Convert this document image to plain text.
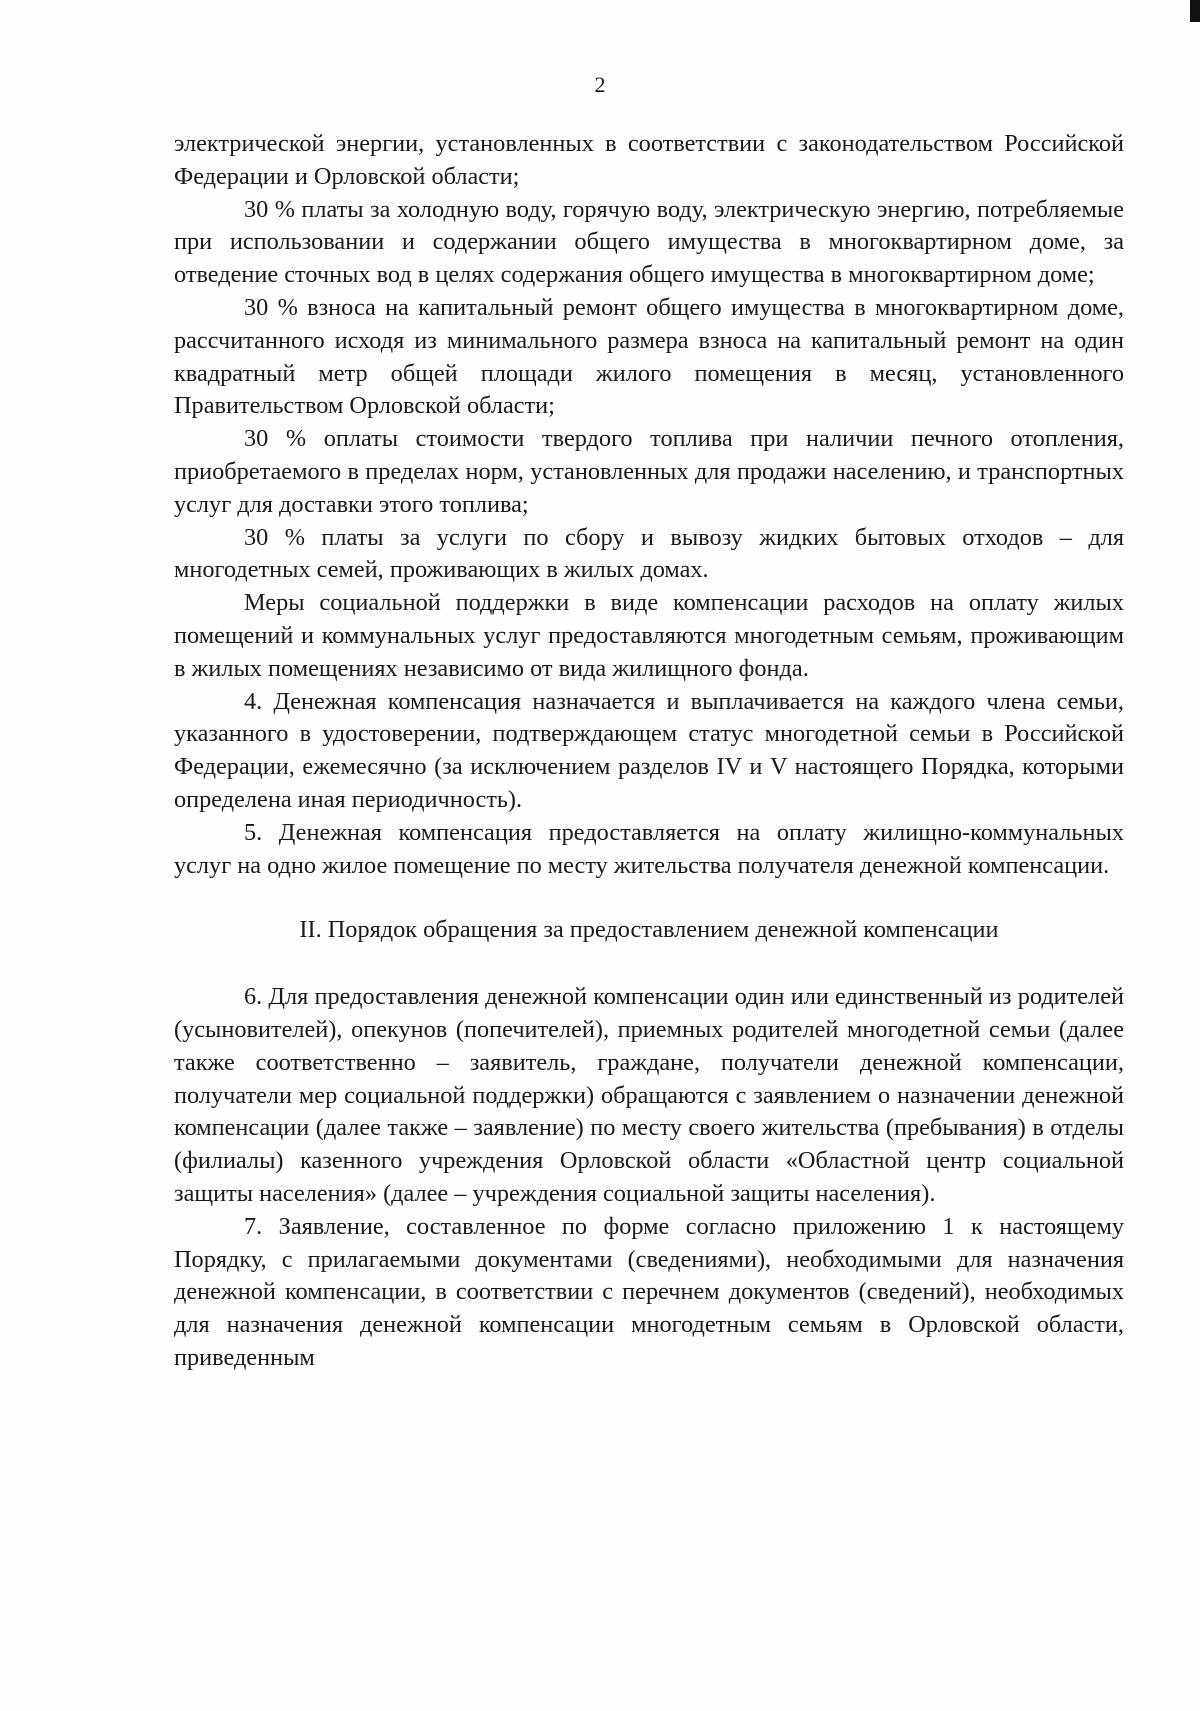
2

электрической энергии, установленных в соответствии с законодательством Российской Федерации и Орловской области;

30 % платы за холодную воду, горячую воду, электрическую энергию, потребляемые при использовании и содержании общего имущества в многоквартирном доме, за отведение сточных вод в целях содержания общего имущества в многоквартирном доме;

30 % взноса на капитальный ремонт общего имущества в многоквартирном доме, рассчитанного исходя из минимального размера взноса на капитальный ремонт на один квадратный метр общей площади жилого помещения в месяц, установленного Правительством Орловской области;

30 % оплаты стоимости твердого топлива при наличии печного отопления, приобретаемого в пределах норм, установленных для продажи населению, и транспортных услуг для доставки этого топлива;

30 % платы за услуги по сбору и вывозу жидких бытовых отходов – для многодетных семей, проживающих в жилых домах.

Меры социальной поддержки в виде компенсации расходов на оплату жилых помещений и коммунальных услуг предоставляются многодетным семьям, проживающим в жилых помещениях независимо от вида жилищного фонда.

4. Денежная компенсация назначается и выплачивается на каждого члена семьи, указанного в удостоверении, подтверждающем статус многодетной семьи в Российской Федерации, ежемесячно (за исключением разделов IV и V настоящего Порядка, которыми определена иная периодичность).

5. Денежная компенсация предоставляется на оплату жилищно-коммунальных услуг на одно жилое помещение по месту жительства получателя денежной компенсации.

II. Порядок обращения за предоставлением денежной компенсации

6. Для предоставления денежной компенсации один или единственный из родителей (усыновителей), опекунов (попечителей), приемных родителей многодетной семьи (далее также соответственно – заявитель, граждане, получатели денежной компенсации, получатели мер социальной поддержки) обращаются с заявлением о назначении денежной компенсации (далее также – заявление) по месту своего жительства (пребывания) в отделы (филиалы) казенного учреждения Орловской области «Областной центр социальной защиты населения» (далее – учреждения социальной защиты населения).

7. Заявление, составленное по форме согласно приложению 1 к настоящему Порядку, с прилагаемыми документами (сведениями), необходимыми для назначения денежной компенсации, в соответствии с перечнем документов (сведений), необходимых для назначения денежной компенсации многодетным семьям в Орловской области, приведенным
